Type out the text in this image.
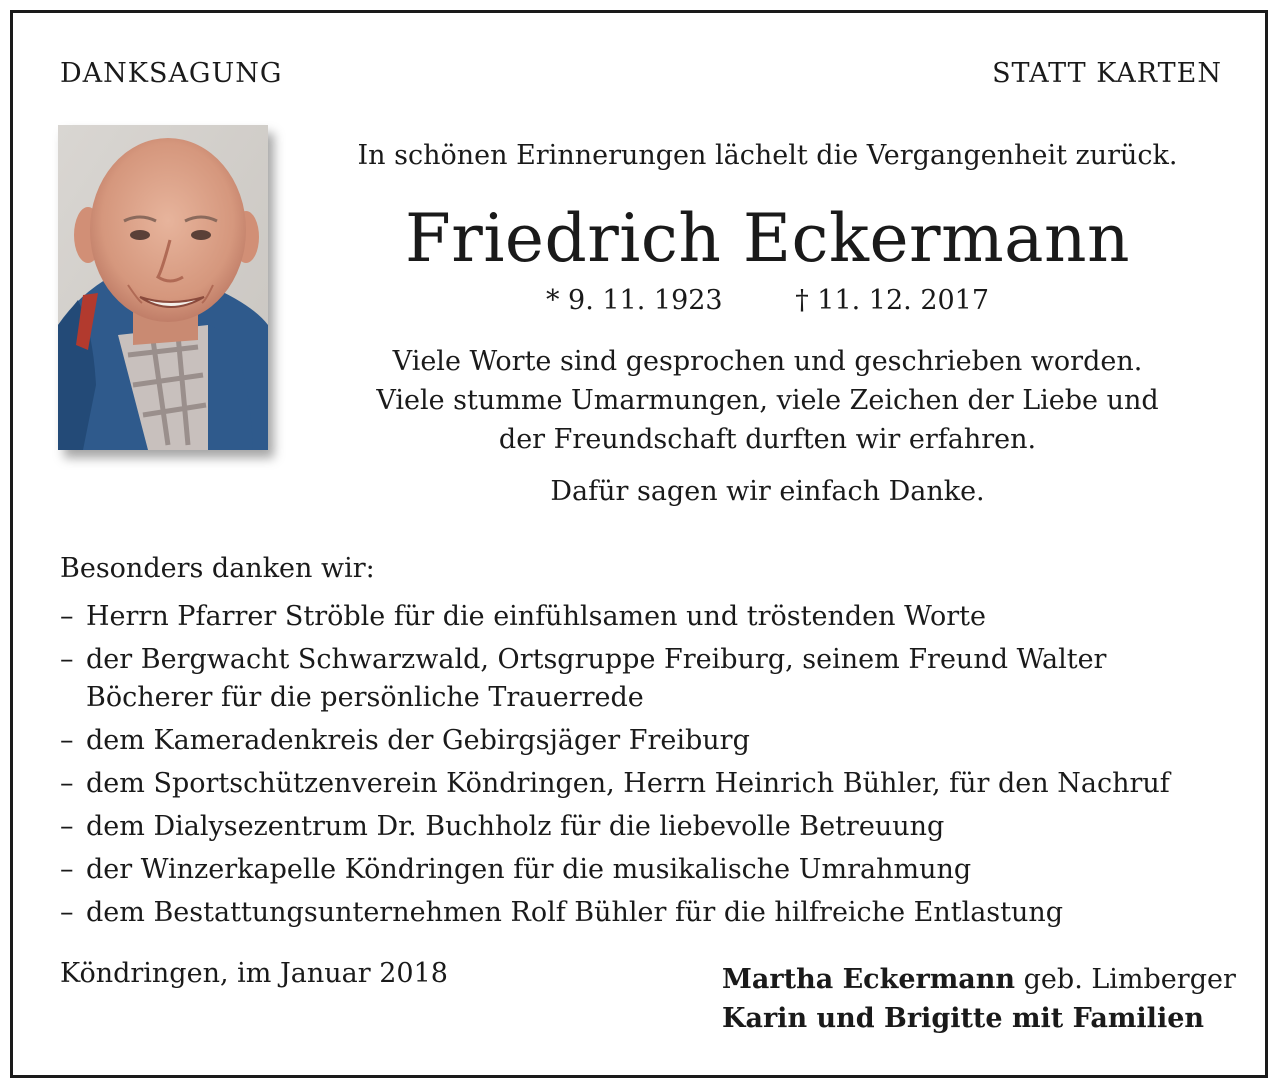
DANKSAGUNG	STATT KARTEN
In schönen Erinnerungen lächelt die Vergangenheit zurück.
Friedrich Eckermann
* 9. 11. 1923	† 11. 12. 2017
Viele Worte sind gesprochen und geschrieben worden.
Viele stumme Umarmungen, viele Zeichen der Liebe und
der Freundschaft durften wir erfahren.
Dafür sagen wir einfach Danke.
Besonders danken wir:
– Herrn Pfarrer Ströble für die einfühlsamen und tröstenden Worte
– der Bergwacht Schwarzwald, Ortsgruppe Freiburg, seinem Freund Walter Böcherer für die persönliche Trauerrede
– dem Kameradenkreis der Gebirgsjäger Freiburg
– dem Sportschützenverein Köndringen, Herrn Heinrich Bühler, für den Nachruf
– dem Dialysezentrum Dr. Buchholz für die liebevolle Betreuung
– der Winzerkapelle Köndringen für die musikalische Umrahmung
– dem Bestattungsunternehmen Rolf Bühler für die hilfreiche Entlastung
Köndringen, im Januar 2018	Martha Eckermann geb. Limberger
Karin und Brigitte mit Familien
